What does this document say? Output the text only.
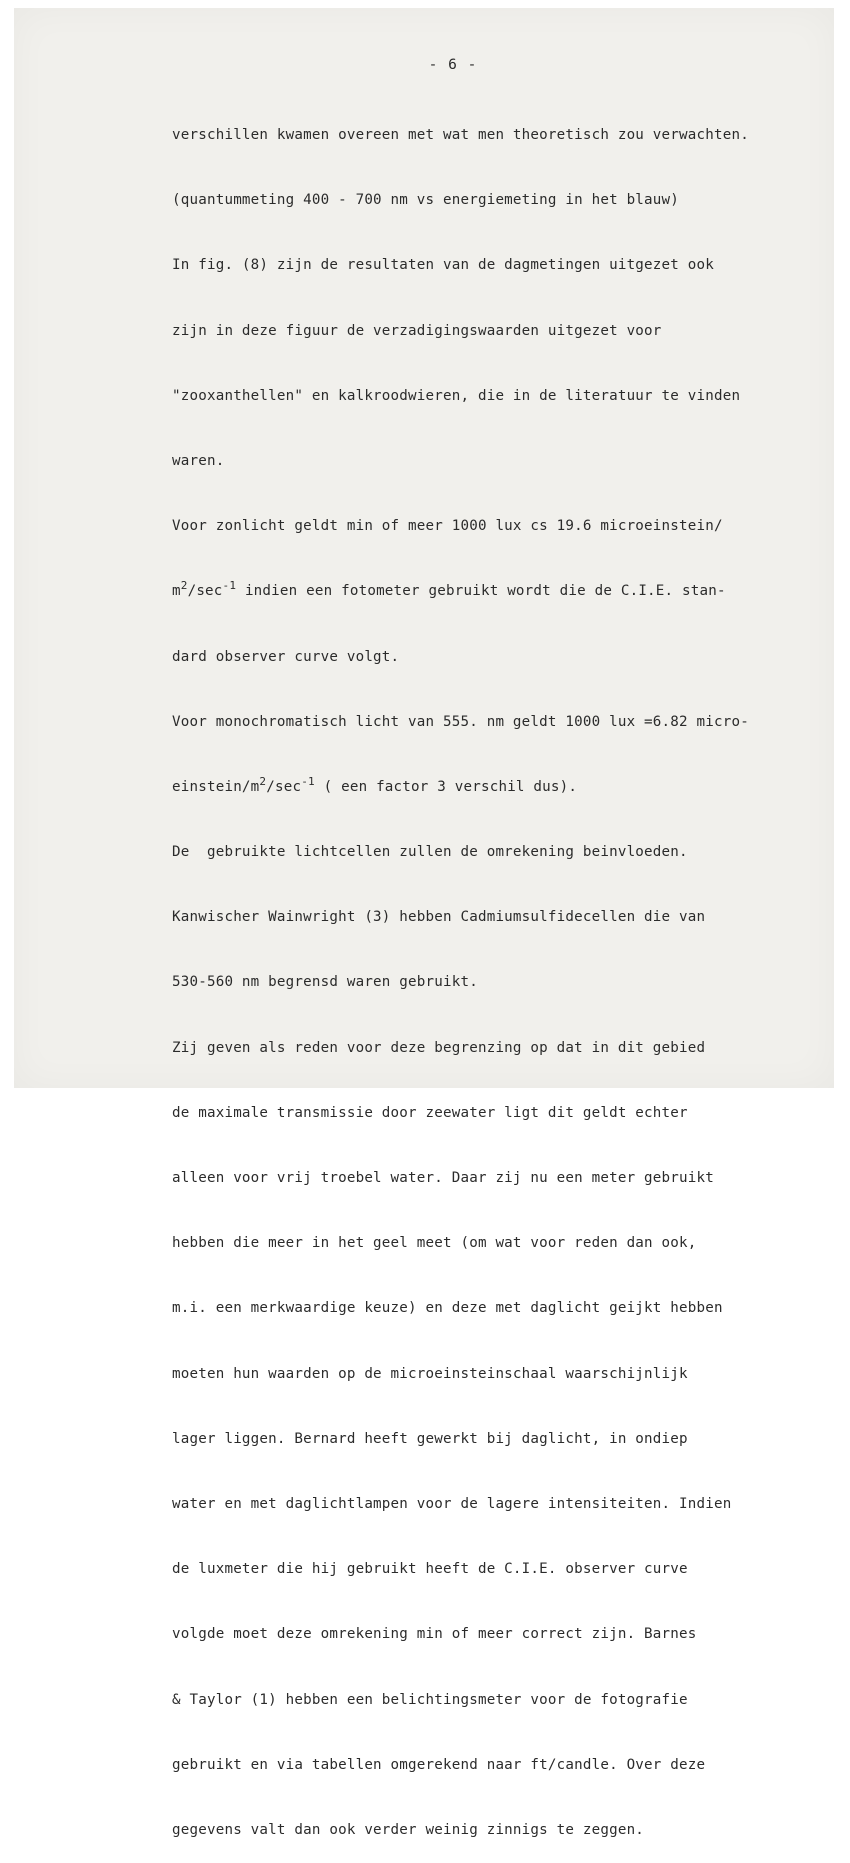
- 6 -

verschillen kwamen overeen met wat men theoretisch zou verwachten.

(quantummeting 400 - 700 nm vs energiemeting in het blauw)

In fig. (8) zijn de resultaten van de dagmetingen uitgezet ook

zijn in deze figuur de verzadigingswaarden uitgezet voor

"zooxanthellen" en kalkroodwieren, die in de literatuur te vinden

waren.

Voor zonlicht geldt min of meer 1000 lux cs 19.6 microeinstein/

$m^2/\sec^{-1}$ indien een fotometer gebruikt wordt die de C.I.E. stan-

dard observer curve volgt.

Voor monochromatisch licht van 555. nm geldt 1000 lux =6.82 micro-

einstein/$m^2/\sec^{-1}$ ( een factor 3 verschil dus).

De  gebruikte lichtcellen zullen de omrekening beinvloeden.

Kanwischer Wainwright (3) hebben Cadmiumsulfidecellen die van

530-560 nm begrensd waren gebruikt.

Zij geven als reden voor deze begrenzing op dat in dit gebied

de maximale transmissie door zeewater ligt dit geldt echter

alleen voor vrij troebel water. Daar zij nu een meter gebruikt

hebben die meer in het geel meet (om wat voor reden dan ook,

m.i. een merkwaardige keuze) en deze met daglicht geijkt hebben

moeten hun waarden op de microeinsteinschaal waarschijnlijk

lager liggen. Bernard heeft gewerkt bij daglicht, in ondiep

water en met daglichtlampen voor de lagere intensiteiten. Indien

de luxmeter die hij gebruikt heeft de C.I.E. observer curve

volgde moet deze omrekening min of meer correct zijn. Barnes

& Taylor (1) hebben een belichtingsmeter voor de fotografie

gebruikt en via tabellen omgerekend naar ft/candle. Over deze

gegevens valt dan ook verder weinig zinnigs te zeggen.
